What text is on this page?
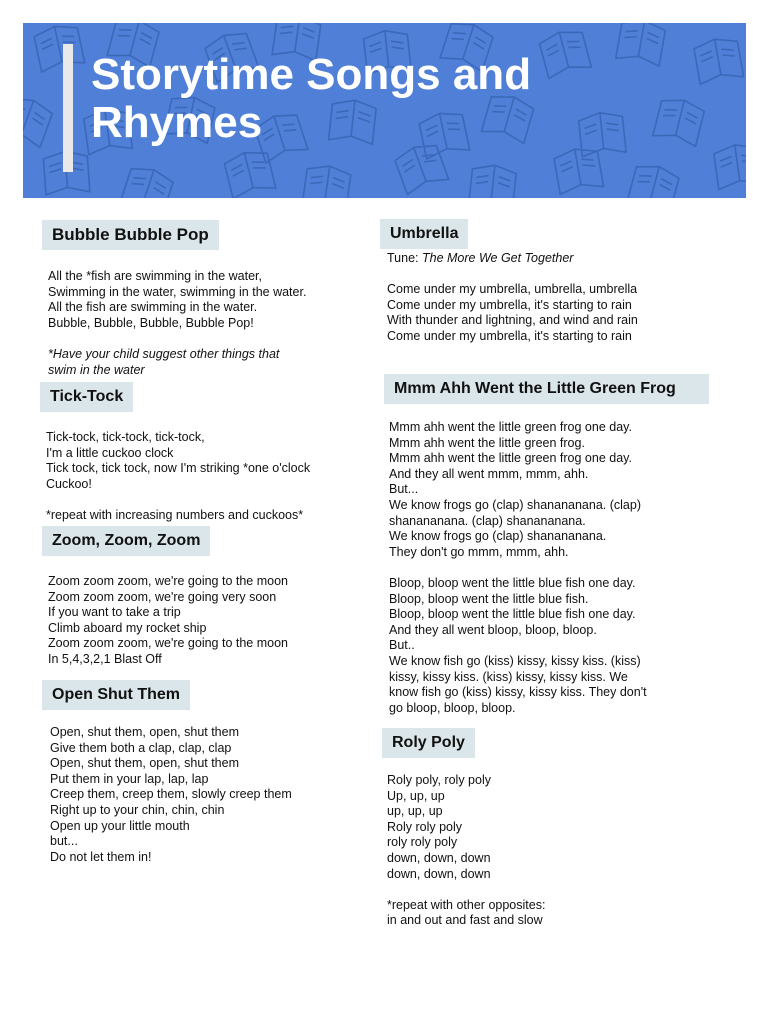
Storytime Songs and Rhymes
Bubble Bubble Pop
All the *fish are swimming in the water,
Swimming in the water, swimming in the water.
All the fish are swimming in the water.
Bubble, Bubble, Bubble, Bubble Pop!
*Have your child suggest other things that
swim in the water
Tick-Tock
Tick-tock, tick-tock, tick-tock,
I'm a little cuckoo clock
Tick tock, tick tock, now I'm striking *one o'clock
Cuckoo!
*repeat with increasing numbers and cuckoos*
Zoom, Zoom, Zoom
Zoom zoom zoom, we're going to the moon
Zoom zoom zoom, we're going very soon
If you want to take a trip
Climb aboard my rocket ship
Zoom zoom zoom, we're going to the moon
In 5,4,3,2,1 Blast Off
Open Shut Them
Open, shut them, open, shut them
Give them both a clap, clap, clap
Open, shut them, open, shut them
Put them in your lap, lap, lap
Creep them, creep them, slowly creep them
Right up to your chin, chin, chin
Open up your little mouth
but...
Do not let them in!
Umbrella
Tune: The More We Get Together
Come under my umbrella, umbrella, umbrella
Come under my umbrella, it's starting to rain
With thunder and lightning, and wind and rain
Come under my umbrella, it's starting to rain
Mmm Ahh Went the Little Green Frog
Mmm ahh went the little green frog one day.
Mmm ahh went the little green frog.
Mmm ahh went the little green frog one day.
And they all went mmm, mmm, ahh.
But...
We know frogs go (clap) shanananana. (clap)
shanananana. (clap) shanananana.
We know frogs go (clap) shanananana.
They don't go mmm, mmm, ahh.
Bloop, bloop went the little blue fish one day.
Bloop, bloop went the little blue fish.
Bloop, bloop went the little blue fish one day.
And they all went bloop, bloop, bloop.
But..
We know fish go (kiss) kissy, kissy kiss. (kiss)
kissy, kissy kiss. (kiss) kissy, kissy kiss. We
know fish go (kiss) kissy, kissy kiss. They don't
go bloop, bloop, bloop.
Roly Poly
Roly poly, roly poly
Up, up, up
up, up, up
Roly roly poly
roly roly poly
down, down, down
down, down, down
*repeat with other opposites:
in and out and fast and slow
